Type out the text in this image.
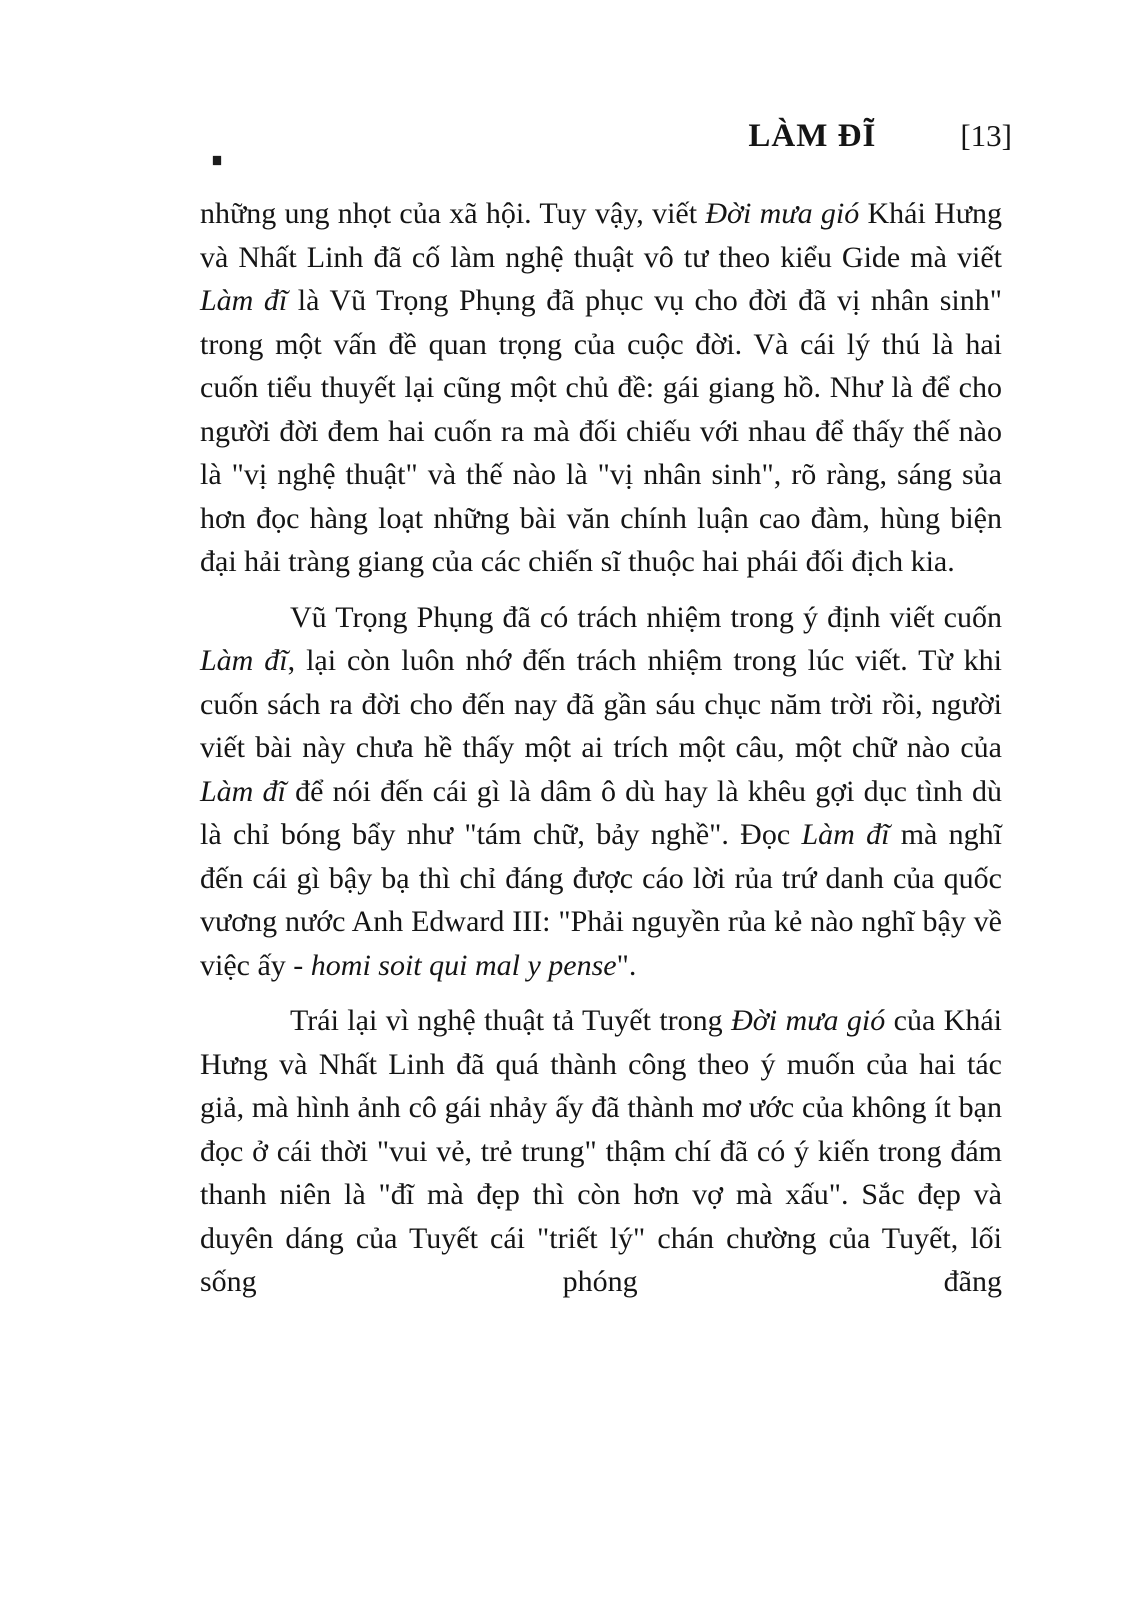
LÀM ĐĨ	[13]

những ung nhọt của xã hội. Tuy vậy, viết Đời mưa gió Khái Hưng và Nhất Linh đã cố làm nghệ thuật vô tư theo kiểu Gide mà viết Làm đĩ là Vũ Trọng Phụng đã phục vụ cho đời đã vị nhân sinh" trong một vấn đề quan trọng của cuộc đời. Và cái lý thú là hai cuốn tiểu thuyết lại cũng một chủ đề: gái giang hồ. Như là để cho người đời đem hai cuốn ra mà đối chiếu với nhau để thấy thế nào là "vị nghệ thuật" và thế nào là "vị nhân sinh", rõ ràng, sáng sủa hơn đọc hàng loạt những bài văn chính luận cao đàm, hùng biện đại hải tràng giang của các chiến sĩ thuộc hai phái đối địch kia.

Vũ Trọng Phụng đã có trách nhiệm trong ý định viết cuốn Làm đĩ, lại còn luôn nhớ đến trách nhiệm trong lúc viết. Từ khi cuốn sách ra đời cho đến nay đã gần sáu chục năm trời rồi, người viết bài này chưa hề thấy một ai trích một câu, một chữ nào của Làm đĩ để nói đến cái gì là dâm ô dù hay là khêu gợi dục tình dù là chỉ bóng bẩy như "tám chữ, bảy nghề". Đọc Làm đĩ mà nghĩ đến cái gì bậy bạ thì chỉ đáng được cáo lời rủa trứ danh của quốc vương nước Anh Edward III: "Phải nguyền rủa kẻ nào nghĩ bậy về việc ấy - homi soit qui mal y pense".

Trái lại vì nghệ thuật tả Tuyết trong Đời mưa gió của Khái Hưng và Nhất Linh đã quá thành công theo ý muốn của hai tác giả, mà hình ảnh cô gái nhảy ấy đã thành mơ ước của không ít bạn đọc ở cái thời "vui vẻ, trẻ trung" thậm chí đã có ý kiến trong đám thanh niên là "đĩ mà đẹp thì còn hơn vợ mà xấu". Sắc đẹp và duyên dáng của Tuyết cái "triết lý" chán chường của Tuyết, lối sống phóng đãng
